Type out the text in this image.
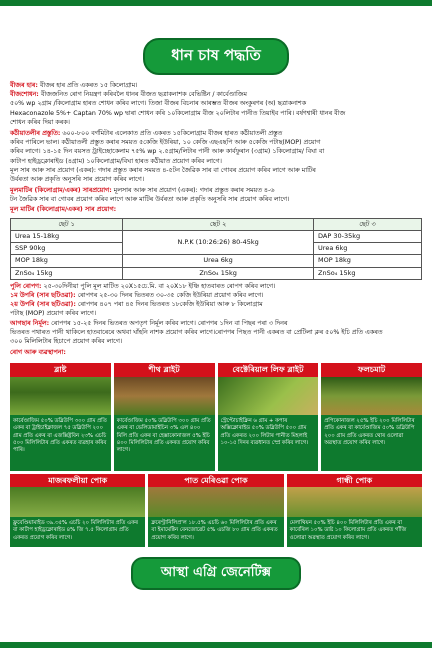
ধান চাষ পদ্ধতি
বীজৰ হাৰ: বীজৰ হাৰ প্ৰতি একৰত ১৫ কিলোগ্ৰাম।
বীজশোধন: বীজজনিত ৰোগ নিয়ন্ত্ৰণ কৰিবলৈ ধানৰ বীজত ছত্ৰাকনাশক বেভিষ্টিন / কাৰ্বেণ্ডাজিম
৫০% wp ২গ্ৰাম /কিলোগ্ৰাম হাৰত শোধন কৰিব লাগে। তিজা বীজৰ বিচনাৰ আৰম্ভত বীজৰ অংকুৰণৰ (অ) ছত্ৰাকনাশক
Hexaconazole 5%+ Captan 70% wp দ্বাৰা শোধন কৰি ১০কিলোগ্ৰাম বীজ ২০লিটাৰ পানীত তিয়াইব পাৰি। বৰ্ষণশ্বাৰী ধানৰ বীজ
শোধন কৰিব দিয়া কৰক।
কঠীয়াতলীৰ প্ৰস্তুতি: ৬০০-৮০০ বৰ্গমিটাৰ এলেকাত প্ৰতি একৰত ১৫কিলোগ্ৰাম বীজৰ হাৰত কঠীয়াতলী প্ৰস্তুত
কৰিব পাৰিলে ভাল। কঠীয়াতলী প্ৰস্তুত কৰাৰ সময়ত ৫কেজি ইউৰিয়া, ১০ কেজি এছএছপি আৰু ৫কেজি পটাছ(MOP) প্ৰয়োগ
কৰিব লাগে। ১৪-১৫ দিন বয়সত ট্ৰাইচ্ছোকেলাম ৭৫% wp ২.৫গ্ৰাম/লিটাৰ পানী আৰু কাৰ্বফুৰান (৩গ্ৰাম) ১কিলোগ্ৰাম/ বিঘা বা
কাটাপ হাইড্ৰক্লোৰাইড (৪গ্ৰাম) ১০কিলোগ্ৰাম/বিঘা হাৰত কঠীয়াত প্ৰয়োগ কৰিব লাগে।
মূল সাৰ আৰু সাৰ প্ৰয়োগ (একৰ): গদাৰ প্ৰস্তুত কৰাৰ সময়ত ৪-৫টন জৈৱিক সাৰ বা গোবৰ প্ৰয়োগ কৰিব লাগে আৰু মাটিৰ
উৰ্বৰতা আৰু প্ৰকৃতি অনুসৰি সাৰ প্ৰয়োগ কৰিব লাগে।
মূলমাটিৰ (কিলোগ্ৰাম/একৰ) সাৰপ্ৰয়োগ: মূলসাৰ আৰু সাৰ প্ৰয়োগ (একৰ): গদাৰ প্ৰস্তুত কৰাৰ সময়ত ৪-৬
টন জৈৱিক সাৰ বা গোবৰ প্ৰয়োগ কৰিব লাগে আৰু মাটিৰ উৰ্বৰতা আৰু প্ৰকৃতি অনুসৰি সাৰ প্ৰয়োগ কৰিব লাগে।
মূল মাটিৰ (কিলোগ্ৰাম/একৰ) সাৰ প্ৰয়োগ:
ছেট ১	ছেট ২	ছেট ৩
Urea 15-18kg	N.P.K (10:26:26) 80-45kg	DAP 30-35kg
SSP 90kg		Urea 6kg
MOP 18kg	Urea 6kg	MOP 18kg
ZnSo₄ 15kg	ZnSo₄ 15kg	ZnSo₄ 15kg
পুলি ৰোপণ: ২৫-৩০দিনীয়া পুলি মূল মাটিত ২০X১৫চে.মি. বা ২০X১৮ ইঞ্চি হাতবাৰত ৰোপণ কৰিব লাগে।
১ম উপৰি (সাৰ ছটিওৱা): ৰোপণৰ ২৫-৩০ দিনৰ ভিতৰত ৩০-৩৫ কেজি ইউৰিয়া প্ৰয়োগ কৰিব লাগে।
২য় উপৰি (সাৰ ছটিওৱা): ৰোপণৰ ৪০৭ পৰা ৪৫ দিনৰ ভিতৰত ১৮কেজি ইউৰিয়া আৰু ৮ কিলোগ্ৰাম
পটাছ (MOP) প্ৰয়োগ কৰিব লাগে।
আগছাৰ নিৰ্মূল: ৰোপণৰ ১৫-২৫ দিনৰ ভিতৰত অপতৃণ নিৰ্মূল কৰিব লাগে। ৰোপণৰ ১দিন বা পিছৰ পৰা ৩ দিনৰ
ভিতৰত পথাৰত পানী থাকিলে হাতবাৰেৰে অথবা ঘাঁহনি নাশক প্ৰয়োগ কৰিব লাগে।ৰোপণৰ পিছত পানী একৰত বা প্ৰেটিলা ক্লৰ ৫০% ইচি প্ৰতি একৰত
৩০০ মিলিলিটাৰ হিচাপে প্ৰয়োগ কৰিব লাগে।
ৰোগ আৰু ব্যৱস্থাপনা:
ব্লাষ্ট
কাৰ্বেণ্ডাজিম ৫০% ডব্লিউপি ৩০০ গ্ৰাম প্ৰতি একৰ বা ট্ৰাইচাইক্লাজল ৭৫ ডব্লিউপি ২০০ গ্ৰাম প্ৰতি একৰ বা এজক্সিষ্ট্ৰবিন ২৩% এচচি ৫০০ মিলিলিটাৰ প্ৰতি একৰত ব্যৱহাৰ কৰিব পাৰি।
শীথ ব্লাইট
কাৰ্বেণ্ডাজিম ৫০% ডব্লিউপি ৩০০ গ্ৰাম প্ৰতি একৰ বা ভেলিডামাইচিন ৩% এল ৪০০ মিলি প্ৰতি একৰ বা হেক্সাকোনাজল ৫% ইচি ৪০০ মিলিলিটাৰ প্ৰতি একৰত প্ৰয়োগ কৰিব লাগে।
বেক্টেৰিয়াল লিফ ব্লাইট
স্ট্ৰেপ্টোচাইক্লিন ৬ গ্ৰাম + কপাৰ অক্সিক্লোৰাইড ৫০% ডব্লিউপি ৫০০ গ্ৰাম প্ৰতি একৰত ২০০ লিটাৰ পানীত মিহলাই ১০-১৫ দিনৰ ব্যৱধানত স্প্ৰে কৰিব লাগে।
ফলচমাট
প্ৰপিকোনাজল ২৫% ইচি ২০০ মিলিলিটাৰ প্ৰতি একৰ বা কাৰ্বেণ্ডাজিম ৫০% ডব্লিউপি ২০০ গ্ৰাম প্ৰতি একৰত থোৰ ওলোৱা অৱস্থাত প্ৰয়োগ কৰিব লাগে।
মাজৰফলীয়া পোক
ফ্লুবেণ্ডিয়ামাইড ৩৯.৩৫% এচচি ২০ মিলিলিটাৰ প্ৰতি একৰ বা কাৰ্টাপ হাইড্ৰক্লোৰাইড ৪% জি ৭.৫ কিলোগ্ৰাম প্ৰতি একৰত প্ৰয়োগ কৰিব লাগে।
পাত মেৰিওৱা পোক
ক্লৰেণ্ট্ৰানিলিপ্ৰ'ল ১৮.৫% এচচি ৬০ মিলিলিটাৰ প্ৰতি একৰ বা ইমামেক্টিন বেনজোৱেট ৫% এচজি ৮০ গ্ৰাম প্ৰতি একৰত প্ৰয়োগ কৰিব লাগে।
গান্ধী পোক
মেলাথিয়ন ৫০% ইচি ৪০০ মিলিলিটাৰ প্ৰতি একৰ বা কাৰ্বেৰিল ১০% ডাষ্ট ১০ কিলোগ্ৰাম প্ৰতি একৰত গাঁজি ওলোৱা অৱস্থাত প্ৰয়োগ কৰিব লাগে।
আস্থা এগ্ৰি জেনেটিক্স
